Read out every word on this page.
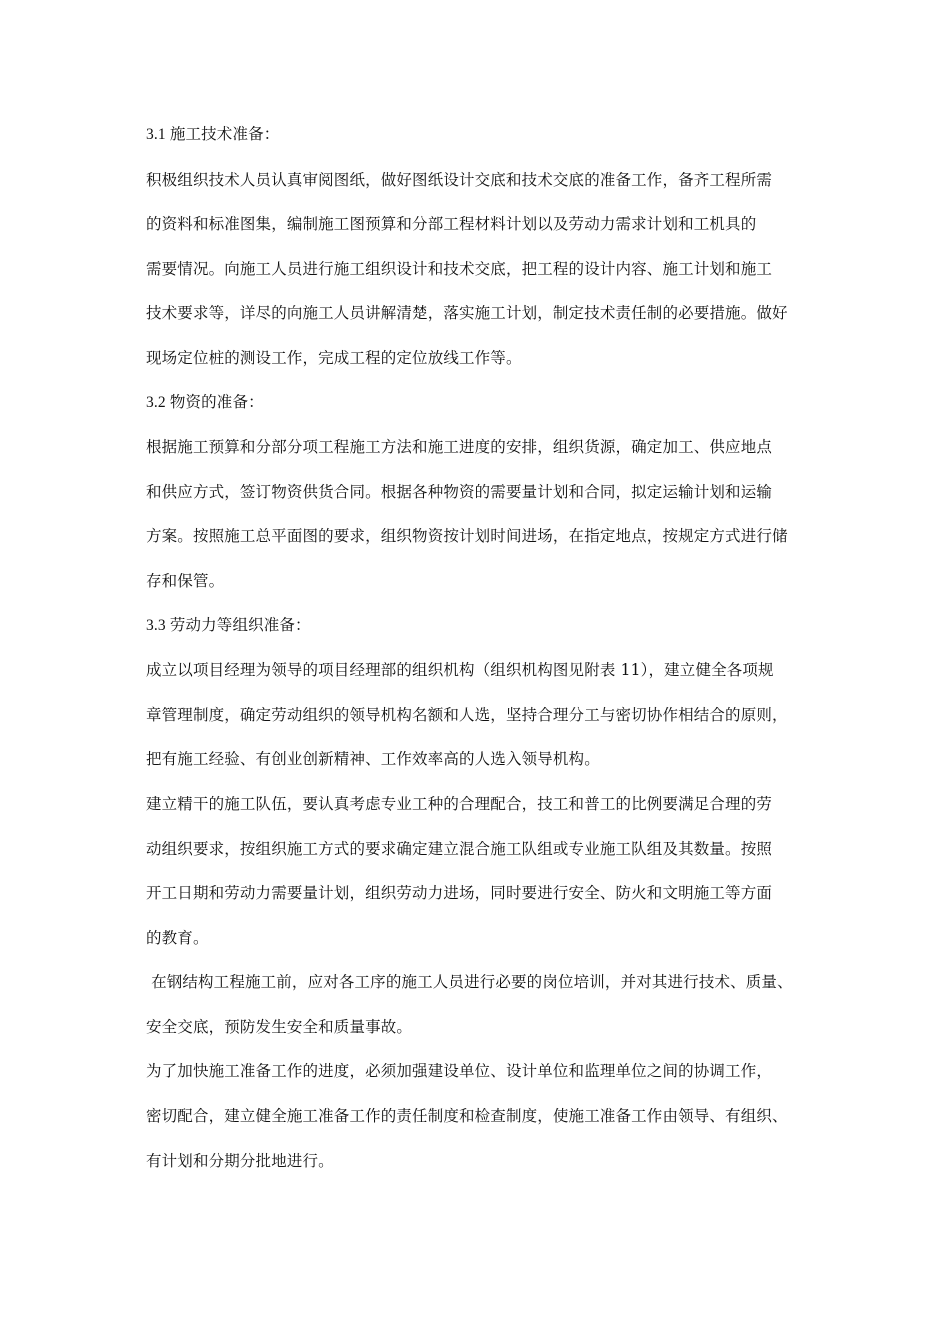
3.1 施工技术准备：
积极组织技术人员认真审阅图纸，做好图纸设计交底和技术交底的准备工作，备齐工程所需
的资料和标准图集，编制施工图预算和分部工程材料计划以及劳动力需求计划和工机具的
需要情况。向施工人员进行施工组织设计和技术交底，把工程的设计内容、施工计划和施工
技术要求等，详尽的向施工人员讲解清楚，落实施工计划，制定技术责任制的必要措施。做好
现场定位桩的测设工作，完成工程的定位放线工作等。
3.2 物资的准备：
根据施工预算和分部分项工程施工方法和施工进度的安排，组织货源，确定加工、供应地点
和供应方式，签订物资供货合同。根据各种物资的需要量计划和合同，拟定运输计划和运输
方案。按照施工总平面图的要求，组织物资按计划时间进场，在指定地点，按规定方式进行储
存和保管。
3.3 劳动力等组织准备：
成立以项目经理为领导的项目经理部的组织机构（组织机构图见附表 11），建立健全各项规
章管理制度，确定劳动组织的领导机构名额和人选，坚持合理分工与密切协作相结合的原则，
把有施工经验、有创业创新精神、工作效率高的人选入领导机构。
建立精干的施工队伍，要认真考虑专业工种的合理配合，技工和普工的比例要满足合理的劳
动组织要求，按组织施工方式的要求确定建立混合施工队组或专业施工队组及其数量。按照
开工日期和劳动力需要量计划，组织劳动力进场，同时要进行安全、防火和文明施工等方面
的教育。
在钢结构工程施工前，应对各工序的施工人员进行必要的岗位培训，并对其进行技术、质量、
安全交底，预防发生安全和质量事故。
为了加快施工准备工作的进度，必须加强建设单位、设计单位和监理单位之间的协调工作，
密切配合，建立健全施工准备工作的责任制度和检查制度，使施工准备工作由领导、有组织、
有计划和分期分批地进行。
